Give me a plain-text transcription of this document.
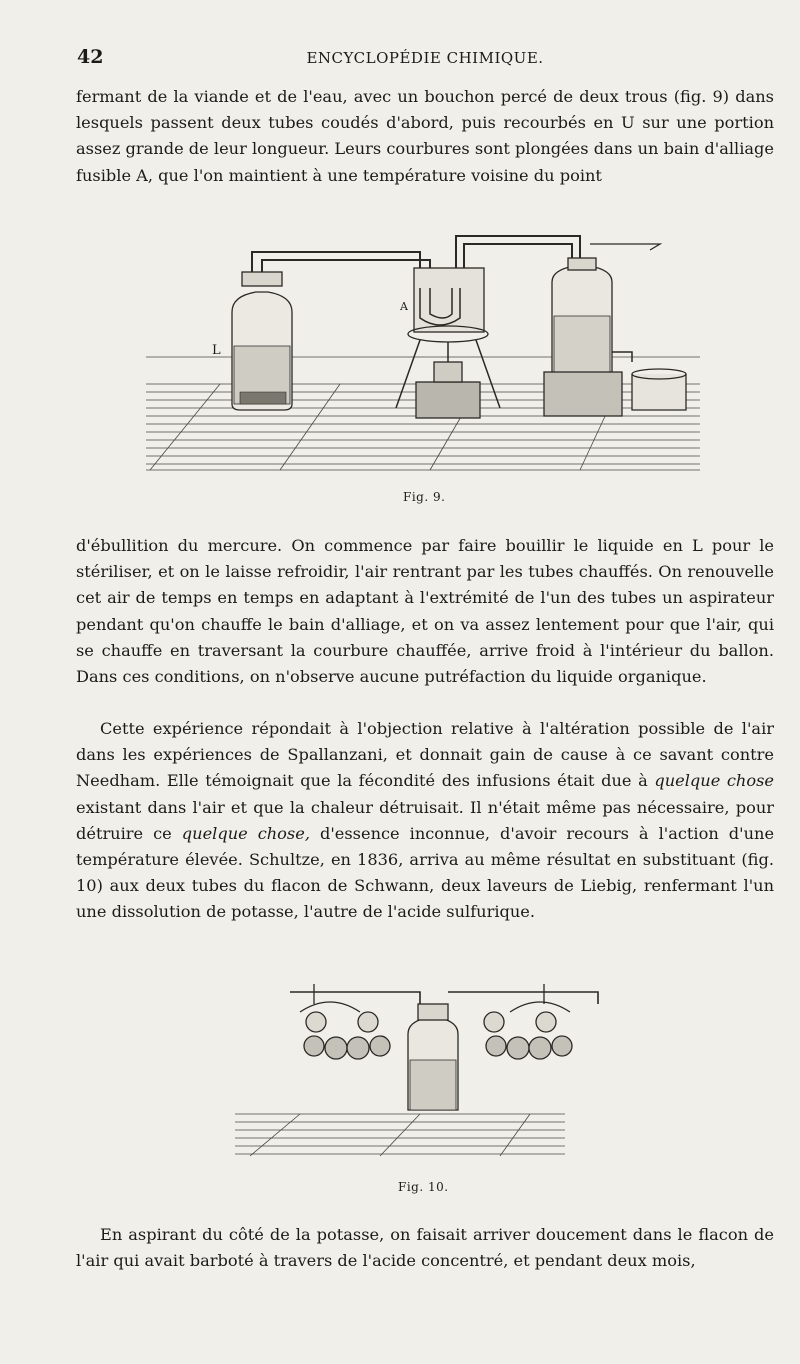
42	ENCYCLOPÉDIE CHIMIQUE.

fermant de la viande et de l'eau, avec un bouchon percé de deux trous (fig. 9) dans lesquels passent deux tubes coudés d'abord, puis recourbés en U sur une portion assez grande de leur longueur. Leurs courbures sont plongées dans un bain d'alliage fusible A, que l'on maintient à une température voisine du point

L
A
Fig. 9.

d'ébullition du mercure. On commence par faire bouillir le liquide en L pour le stériliser, et on le laisse refroidir, l'air rentrant par les tubes chauffés. On renouvelle cet air de temps en temps en adaptant à l'extrémité de l'un des tubes un aspirateur pendant qu'on chauffe le bain d'alliage, et on va assez lentement pour que l'air, qui se chauffe en traversant la courbure chauffée, arrive froid à l'intérieur du ballon. Dans ces conditions, on n'observe aucune putréfaction du liquide organique.

Cette expérience répondait à l'objection relative à l'altération possible de l'air dans les expériences de Spallanzani, et donnait gain de cause à ce savant contre Needham. Elle témoignait que la fécondité des infusions était due à quelque chose existant dans l'air et que la chaleur détruisait. Il n'était même pas nécessaire, pour détruire ce quelque chose, d'essence inconnue, d'avoir recours à l'action d'une température élevée. Schultze, en 1836, arriva au même résultat en substituant (fig. 10) aux deux tubes du flacon de Schwann, deux laveurs de Liebig, renfermant l'un une dissolution de potasse, l'autre de l'acide sulfurique.

Fig. 10.

En aspirant du côté de la potasse, on faisait arriver doucement dans le flacon de l'air qui avait barboté à travers de l'acide concentré, et pendant deux mois,
